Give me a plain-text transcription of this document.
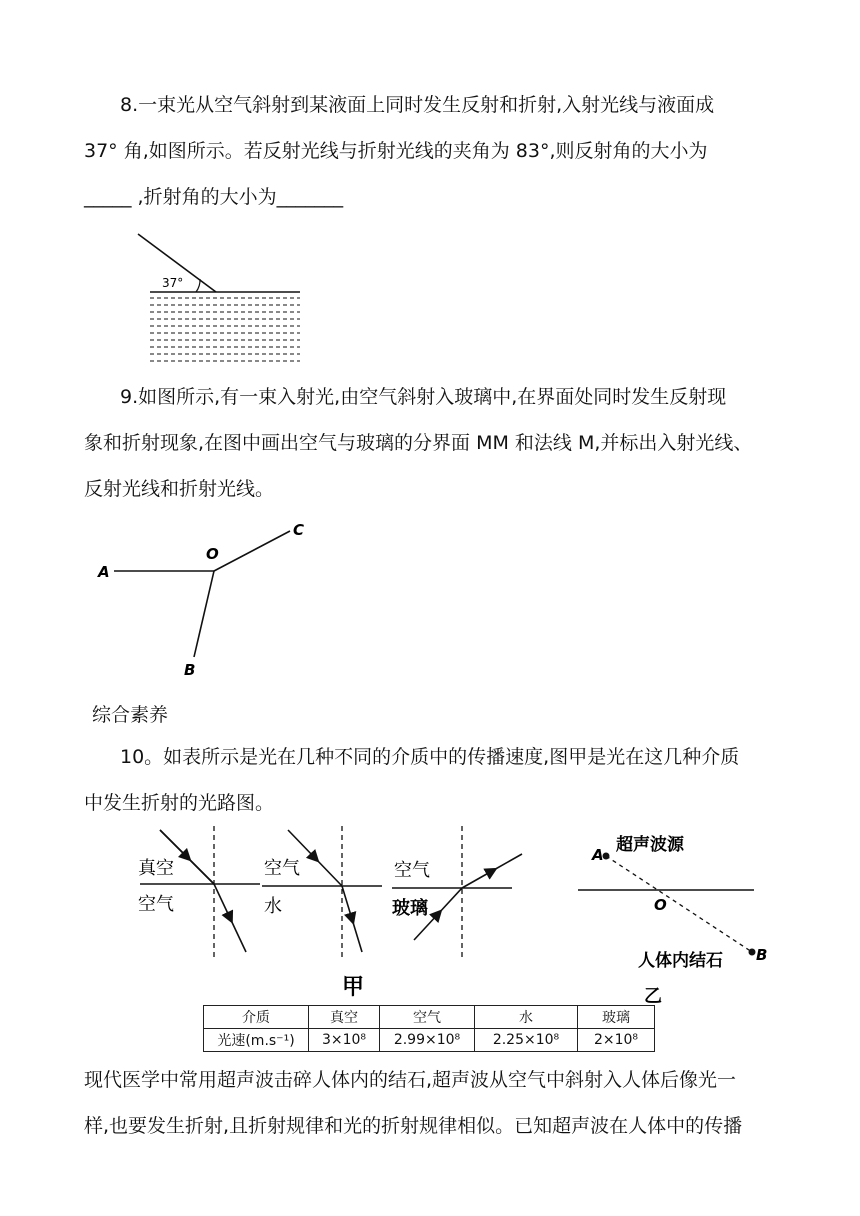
8.一束光从空气斜射到某液面上同时发生反射和折射,入射光线与液面成
37° 角,如图所示。若反射光线与折射光线的夹角为 83°,则反射角的大小为
_____ ,折射角的大小为_______
37°
9.如图所示,有一束入射光,由空气斜射入玻璃中,在界面处同时发生反射现
象和折射现象,在图中画出空气与玻璃的分界面 MM 和法线 M,并标出入射光线、
反射光线和折射光线。
A
O
C
B
综合素养
10。如表所示是光在几种不同的介质中的传播速度,图甲是光在这几种介质
中发生折射的光路图。
真空
空气
空气
水
空气
玻璃
甲
A 超声波源
O
人体内结石 B
乙
介质	真空	空气	水	玻璃
光速(m.s⁻¹)	3×10⁸	2.99×10⁸	2.25×10⁸	2×10⁸
现代医学中常用超声波击碎人体内的结石,超声波从空气中斜射入人体后像光一
样,也要发生折射,且折射规律和光的折射规律相似。已知超声波在人体中的传播
